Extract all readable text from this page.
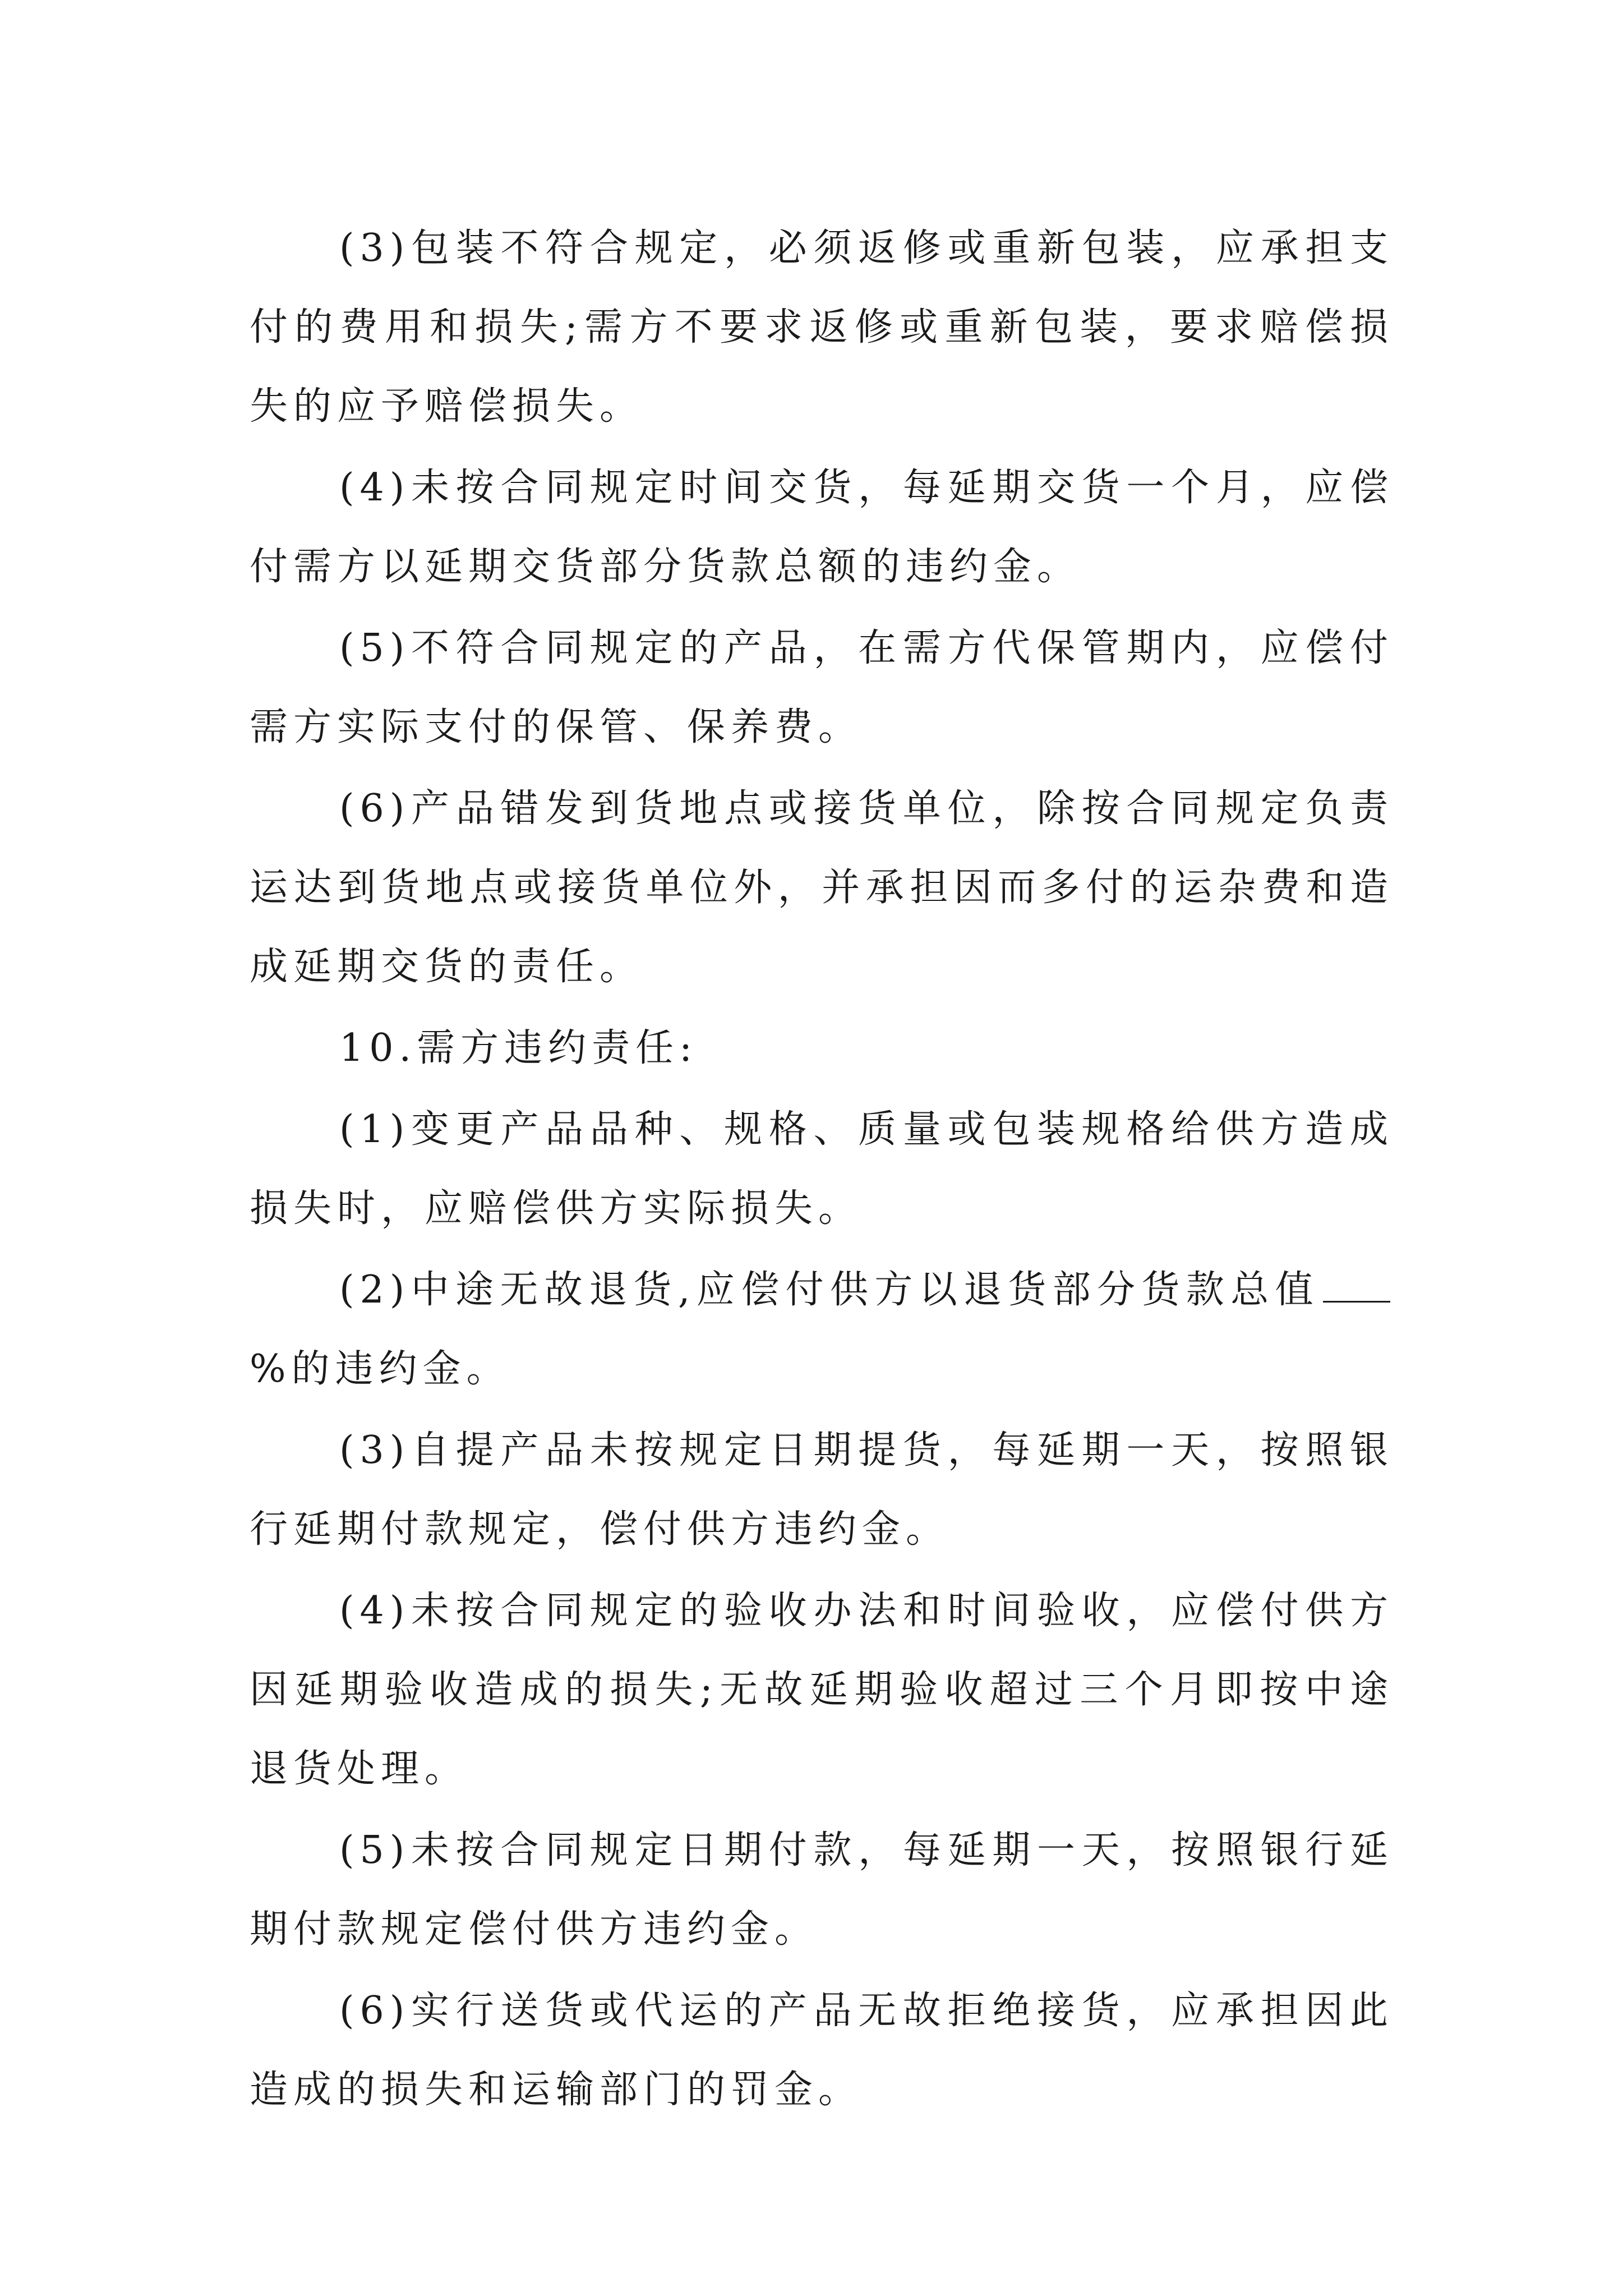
(3)包装不符合规定，必须返修或重新包装，应承担支付的费用和损失;需方不要求返修或重新包装，要求赔偿损失的应予赔偿损失。

(4)未按合同规定时间交货，每延期交货一个月，应偿付需方以延期交货部分货款总额的违约金。

(5)不符合同规定的产品，在需方代保管期内，应偿付需方实际支付的保管、保养费。

(6)产品错发到货地点或接货单位，除按合同规定负责运达到货地点或接货单位外，并承担因而多付的运杂费和造成延期交货的责任。

10.需方违约责任:

(1)变更产品品种、规格、质量或包装规格给供方造成损失时，应赔偿供方实际损失。

(2)中途无故退货,应偿付供方以退货部分货款总值%的违约金。

(3)自提产品未按规定日期提货，每延期一天，按照银行延期付款规定，偿付供方违约金。

(4)未按合同规定的验收办法和时间验收，应偿付供方因延期验收造成的损失;无故延期验收超过三个月即按中途退货处理。

(5)未按合同规定日期付款，每延期一天，按照银行延期付款规定偿付供方违约金。

(6)实行送货或代运的产品无故拒绝接货，应承担因此造成的损失和运输部门的罚金。
